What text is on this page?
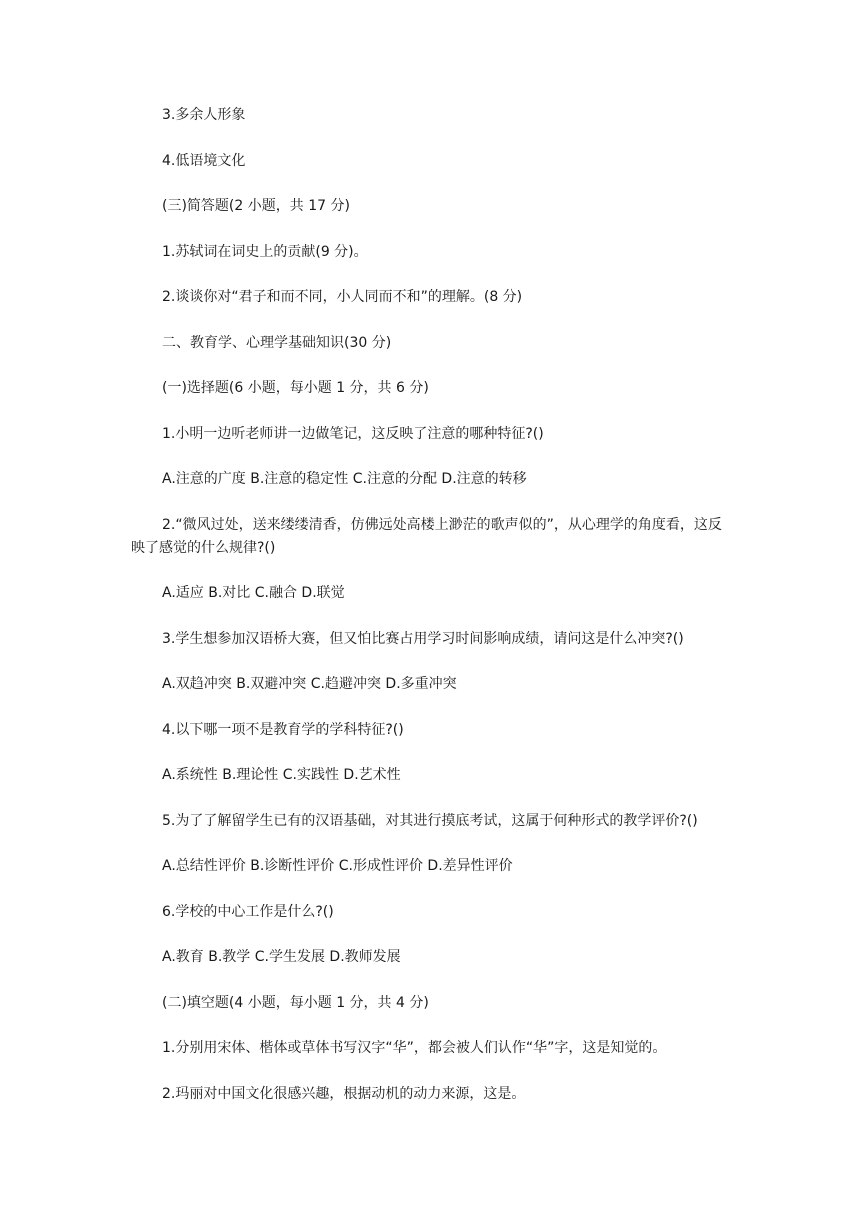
3.多余人形象
4.低语境文化
(三)简答题(2 小题，共 17 分)
1.苏轼词在词史上的贡献(9 分)。
2.谈谈你对“君子和而不同，小人同而不和”的理解。(8 分)
二、教育学、心理学基础知识(30 分)
(一)选择题(6 小题，每小题 1 分，共 6 分)
1.小明一边听老师讲一边做笔记，这反映了注意的哪种特征?()
A.注意的广度 B.注意的稳定性 C.注意的分配 D.注意的转移
2.“微风过处，送来缕缕清香，仿佛远处高楼上渺茫的歌声似的”，从心理学的角度看，这反映了感觉的什么规律?()
A.适应 B.对比 C.融合 D.联觉
3.学生想参加汉语桥大赛，但又怕比赛占用学习时间影响成绩，请问这是什么冲突?()
A.双趋冲突 B.双避冲突 C.趋避冲突 D.多重冲突
4.以下哪一项不是教育学的学科特征?()
A.系统性 B.理论性 C.实践性 D.艺术性
5.为了了解留学生已有的汉语基础，对其进行摸底考试，这属于何种形式的教学评价?()
A.总结性评价 B.诊断性评价 C.形成性评价 D.差异性评价
6.学校的中心工作是什么?()
A.教育 B.教学 C.学生发展 D.教师发展
(二)填空题(4 小题，每小题 1 分，共 4 分)
1.分别用宋体、楷体或草体书写汉字“华”，都会被人们认作“华”字，这是知觉的。
2.玛丽对中国文化很感兴趣，根据动机的动力来源，这是。
